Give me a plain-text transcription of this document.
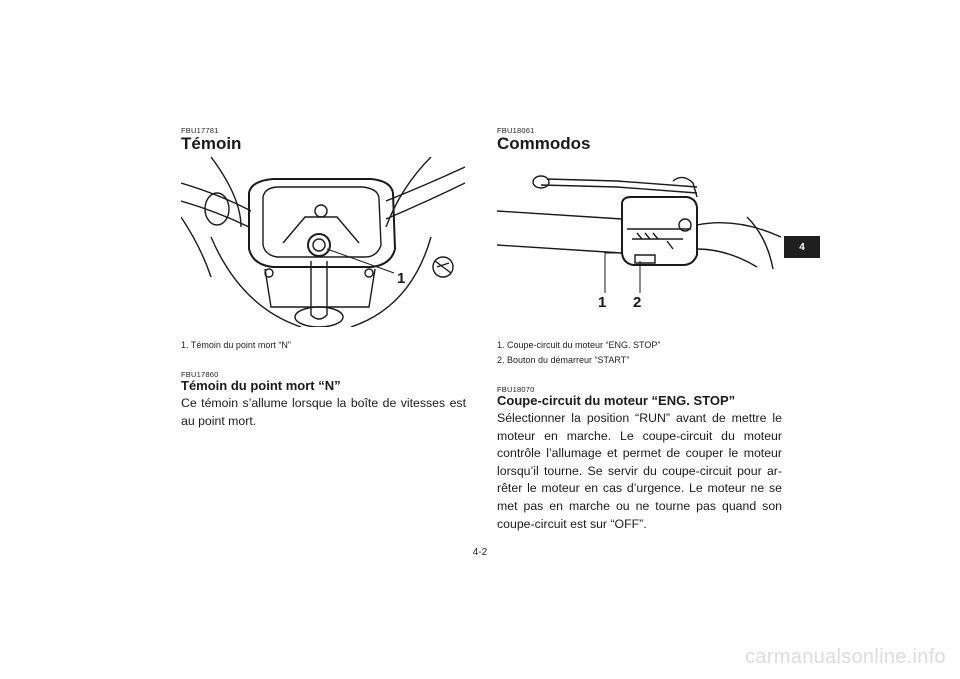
FBU17781
Témoin
1
1. Témoin du point mort “N”
FBU17860
Témoin du point mort “N”
Ce témoin s’allume lorsque la boîte de vitesses est au point mort.
FBU18061
Commodos
1 2
1. Coupe-circuit du moteur “ENG. STOP”
2. Bouton du démarreur “START”
FBU18070
Coupe-circuit du moteur “ENG. STOP”
Sélectionner la position “RUN” avant de mettre le moteur en marche. Le coupe-circuit du moteur contrôle l’allumage et permet de couper le moteur lorsqu’il tourne. Se servir du coupe-circuit pour ar-rêter le moteur en cas d’urgence. Le moteur ne se met pas en marche ou ne tourne pas quand son coupe-circuit est sur “OFF”.
4
4-2
carmanualsonline.info
